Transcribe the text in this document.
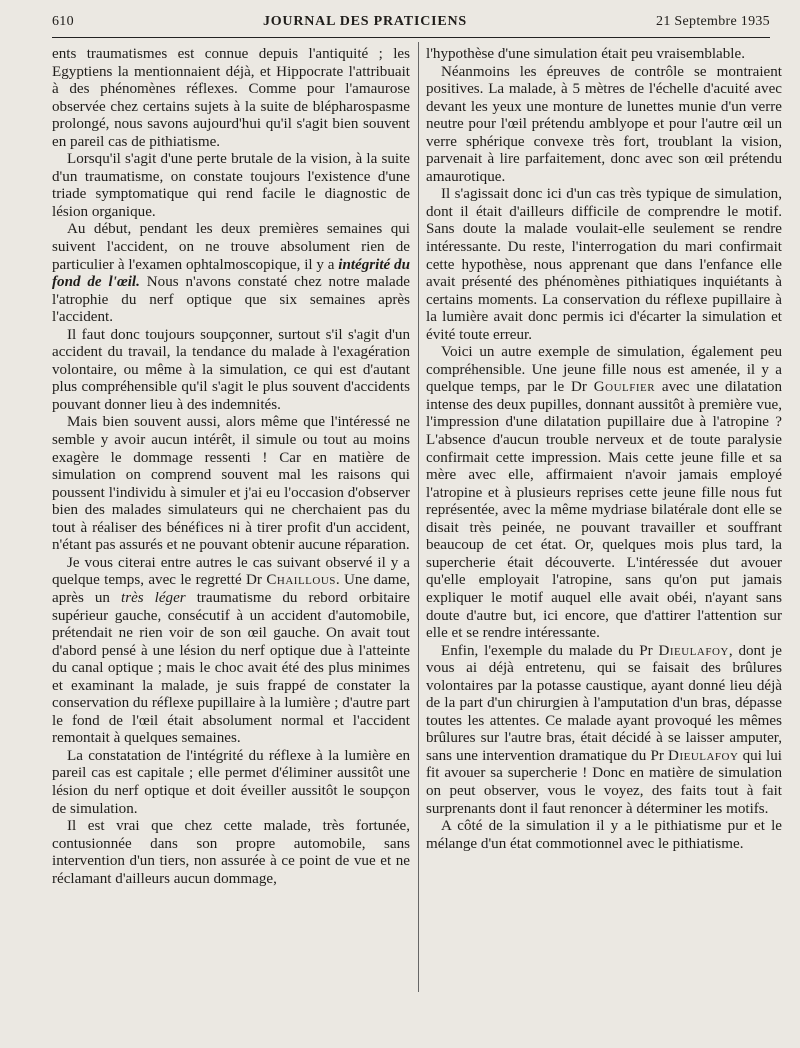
610	JOURNAL DES PRATICIENS	21 Septembre 1935

ents traumatismes est connue depuis l'antiquité ; les Egyptiens la mentionnaient déjà, et Hippocrate l'attribuait à des phénomènes réflexes. Comme pour l'amaurose observée chez certains sujets à la suite de blépharospasme prolongé, nous savons aujourd'hui qu'il s'agit bien souvent en pareil cas de pithiatisme.

Lorsqu'il s'agit d'une perte brutale de la vision, à la suite d'un traumatisme, on constate toujours l'existence d'une triade symptomatique qui rend facile le diagnostic de lésion organique.

Au début, pendant les deux premières semaines qui suivent l'accident, on ne trouve absolument rien de particulier à l'examen ophtalmoscopique, il y a intégrité du fond de l'œil. Nous n'avons constaté chez notre malade l'atrophie du nerf optique que six semaines après l'accident.

Il faut donc toujours soupçonner, surtout s'il s'agit d'un accident du travail, la tendance du malade à l'exagération volontaire, ou même à la simulation, ce qui est d'autant plus compréhensible qu'il s'agit le plus souvent d'accidents pouvant donner lieu à des indemnités.

Mais bien souvent aussi, alors même que l'intéressé ne semble y avoir aucun intérêt, il simule ou tout au moins exagère le dommage ressenti ! Car en matière de simulation on comprend souvent mal les raisons qui poussent l'individu à simuler et j'ai eu l'occasion d'observer bien des malades simulateurs qui ne cherchaient pas du tout à réaliser des bénéfices ni à tirer profit d'un accident, n'étant pas assurés et ne pouvant obtenir aucune réparation.

Je vous citerai entre autres le cas suivant observé il y a quelque temps, avec le regretté Dr Chaillous. Une dame, après un très léger traumatisme du rebord orbitaire supérieur gauche, consécutif à un accident d'automobile, prétendait ne rien voir de son œil gauche. On avait tout d'abord pensé à une lésion du nerf optique due à l'atteinte du canal optique ; mais le choc avait été des plus minimes et examinant la malade, je suis frappé de constater la conservation du réflexe pupillaire à la lumière ; d'autre part le fond de l'œil était absolument normal et l'accident remontait à quelques semaines.

La constatation de l'intégrité du réflexe à la lumière en pareil cas est capitale ; elle permet d'éliminer aussitôt une lésion du nerf optique et doit éveiller aussitôt le soupçon de simulation.

Il est vrai que chez cette malade, très fortunée, contusionnée dans son propre automobile, sans intervention d'un tiers, non assurée à ce point de vue et ne réclamant d'ailleurs aucun dommage,

l'hypothèse d'une simulation était peu vraisemblable.

Néanmoins les épreuves de contrôle se montraient positives. La malade, à 5 mètres de l'échelle d'acuité avec devant les yeux une monture de lunettes munie d'un verre neutre pour l'œil prétendu amblyope et pour l'autre œil un verre sphérique convexe très fort, troublant la vision, parvenait à lire parfaitement, donc avec son œil prétendu amaurotique.

Il s'agissait donc ici d'un cas très typique de simulation, dont il était d'ailleurs difficile de comprendre le motif. Sans doute la malade voulait-elle seulement se rendre intéressante. Du reste, l'interrogation du mari confirmait cette hypothèse, nous apprenant que dans l'enfance elle avait présenté des phénomènes pithiatiques inquiétants à certains moments. La conservation du réflexe pupillaire à la lumière avait donc permis ici d'écarter la simulation et évité toute erreur.

Voici un autre exemple de simulation, également peu compréhensible. Une jeune fille nous est amenée, il y a quelque temps, par le Dr Goulfier avec une dilatation intense des deux pupilles, donnant aussitôt à première vue, l'impression d'une dilatation pupillaire due à l'atropine ? L'absence d'aucun trouble nerveux et de toute paralysie confirmait cette impression. Mais cette jeune fille et sa mère avec elle, affirmaient n'avoir jamais employé l'atropine et à plusieurs reprises cette jeune fille nous fut représentée, avec la même mydriase bilatérale dont elle se disait très peinée, ne pouvant travailler et souffrant beaucoup de cet état. Or, quelques mois plus tard, la supercherie était découverte. L'intéressée dut avouer qu'elle employait l'atropine, sans qu'on put jamais expliquer le motif auquel elle avait obéi, n'ayant sans doute d'autre but, ici encore, que d'attirer l'attention sur elle et se rendre intéressante.

Enfin, l'exemple du malade du Pr Dieulafoy, dont je vous ai déjà entretenu, qui se faisait des brûlures volontaires par la potasse caustique, ayant donné lieu déjà de la part d'un chirurgien à l'amputation d'un bras, dépasse toutes les attentes. Ce malade ayant provoqué les mêmes brûlures sur l'autre bras, était décidé à se laisser amputer, sans une intervention dramatique du Pr Dieulafoy qui lui fit avouer sa supercherie ! Donc en matière de simulation on peut observer, vous le voyez, des faits tout à fait surprenants dont il faut renoncer à déterminer les motifs.

A côté de la simulation il y a le pithiatisme pur et le mélange d'un état commotionnel avec le pithiatisme.
